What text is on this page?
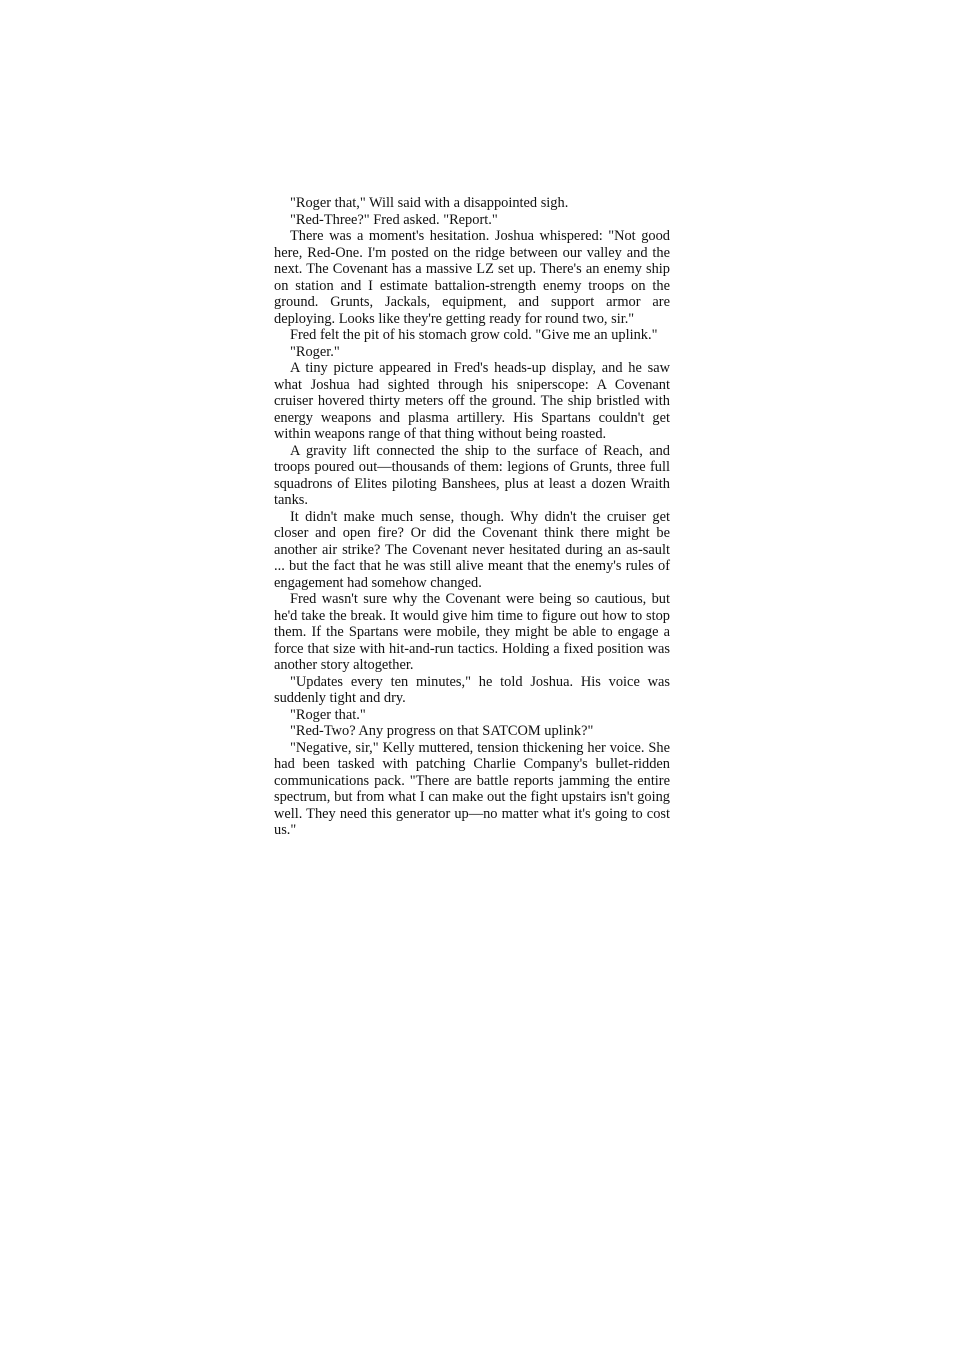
"Roger that," Will said with a disappointed sigh.

"Red-Three?" Fred asked. "Report."

There was a moment's hesitation. Joshua whispered: "Not good here, Red-One. I'm posted on the ridge between our valley and the next. The Covenant has a massive LZ set up. There's an enemy ship on station and I estimate battalion-strength enemy troops on the ground. Grunts, Jackals, equipment, and support armor are deploying. Looks like they're getting ready for round two, sir."

Fred felt the pit of his stomach grow cold. "Give me an uplink."

"Roger."

A tiny picture appeared in Fred's heads-up display, and he saw what Joshua had sighted through his sniperscope: A Covenant cruiser hovered thirty meters off the ground. The ship bristled with energy weapons and plasma artillery. His Spartans couldn't get within weapons range of that thing without being roasted.

A gravity lift connected the ship to the surface of Reach, and troops poured out—thousands of them: legions of Grunts, three full squadrons of Elites piloting Banshees, plus at least a dozen Wraith tanks.

It didn't make much sense, though. Why didn't the cruiser get closer and open fire? Or did the Covenant think there might be another air strike? The Covenant never hesitated during an as-sault ... but the fact that he was still alive meant that the enemy's rules of engagement had somehow changed.

Fred wasn't sure why the Covenant were being so cautious, but he'd take the break. It would give him time to figure out how to stop them. If the Spartans were mobile, they might be able to engage a force that size with hit-and-run tactics. Holding a fixed position was another story altogether.

"Updates every ten minutes," he told Joshua. His voice was suddenly tight and dry.

"Roger that."

"Red-Two? Any progress on that SATCOM uplink?"

"Negative, sir," Kelly muttered, tension thickening her voice. She had been tasked with patching Charlie Company's bullet-ridden communications pack. "There are battle reports jamming the entire spectrum, but from what I can make out the fight upstairs isn't going well. They need this generator up—no matter what it's going to cost us."
